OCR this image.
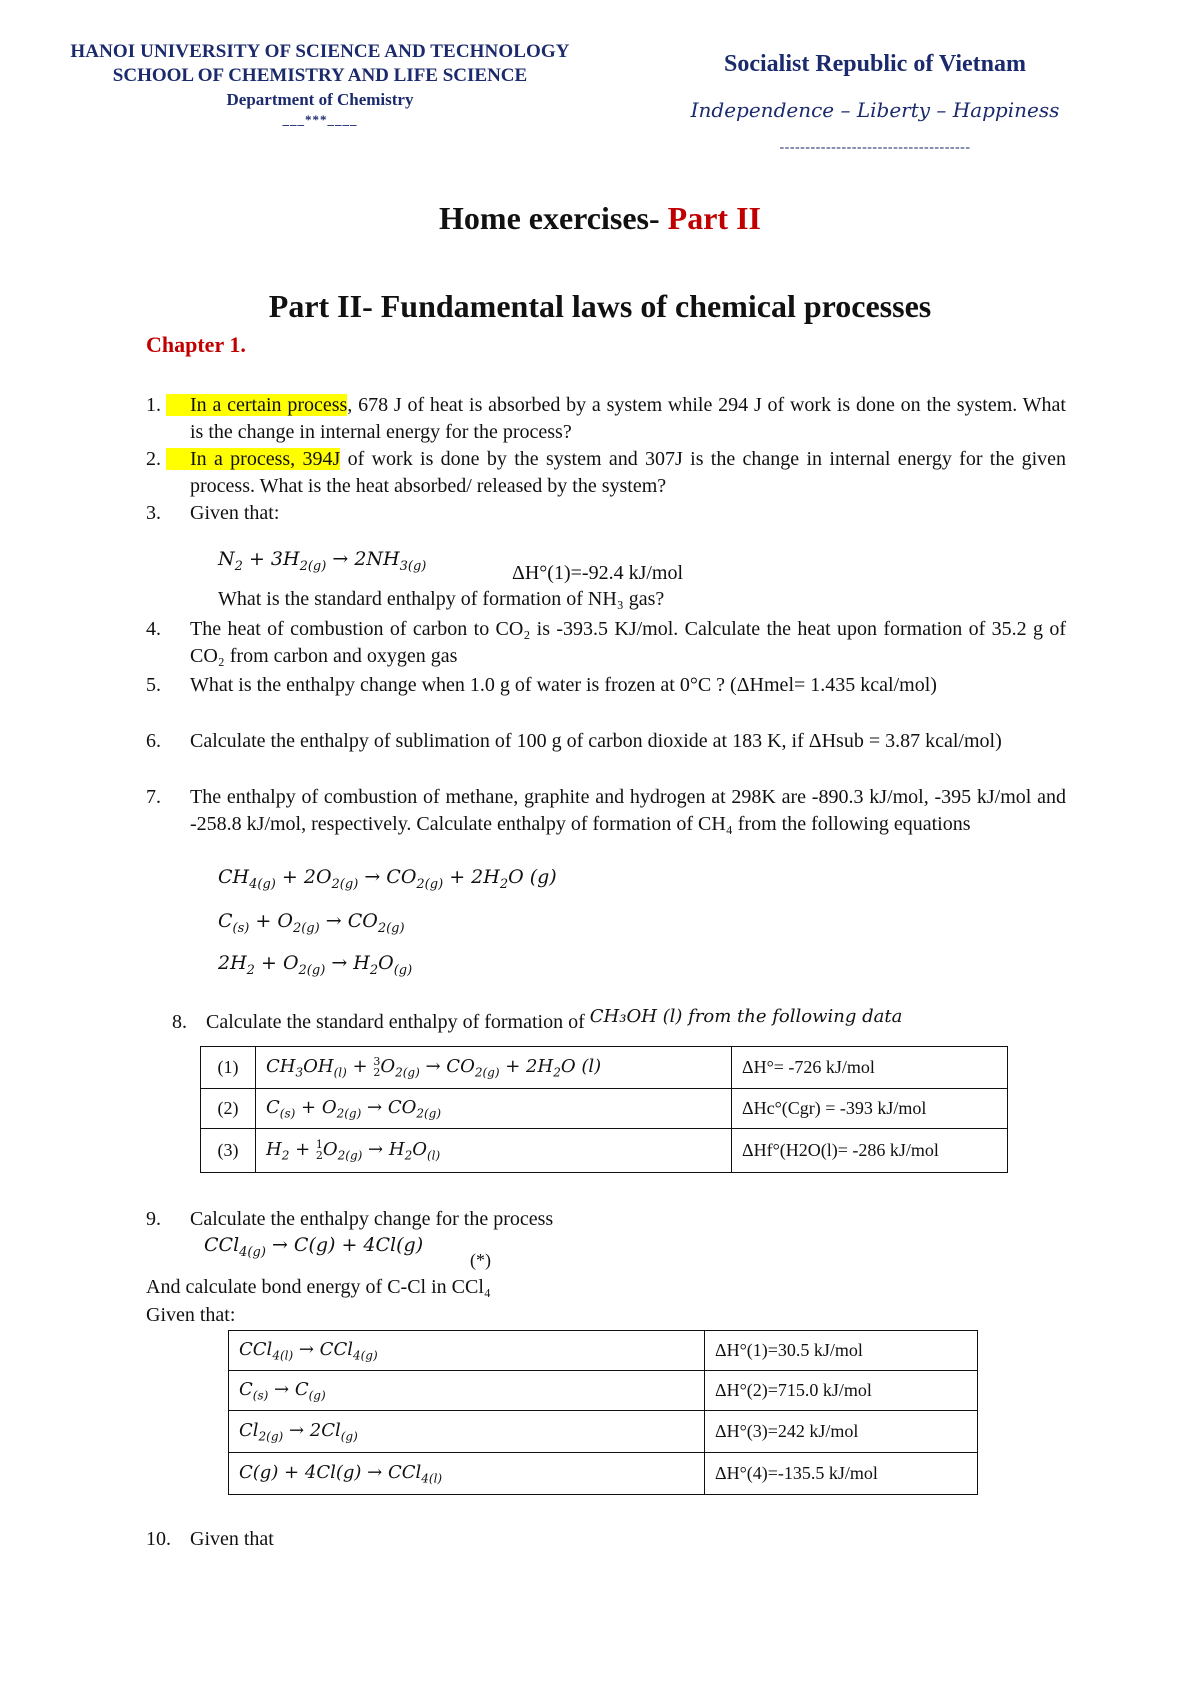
HANOI UNIVERSITY OF SCIENCE AND TECHNOLOGY
SCHOOL OF CHEMISTRY AND LIFE SCIENCE
Department of Chemistry
___***____
Socialist Republic of Vietnam
Independence – Liberty – Happiness
-------------------------------------
Home exercises- Part II
Part II- Fundamental laws of chemical processes
Chapter 1.
1.	In a certain process, 678 J of heat is absorbed by a system while 294 J of work is done on the system. What is the change in internal energy for the process?
2.	In a process, 394J of work is done by the system and 307J is the change in internal energy for the given process. What is the heat absorbed/ released by the system?
3.	Given that:
$N_2 + 3H_{2(g)} \to 2NH_{3(g)}$	ΔH°(1)=-92.4 kJ/mol
What is the standard enthalpy of formation of NH₃ gas?
4.	The heat of combustion of carbon to CO₂ is -393.5 KJ/mol. Calculate the heat upon formation of 35.2 g of CO₂ from carbon and oxygen gas
5.	What is the enthalpy change when 1.0 g of water is frozen at 0°C ? (ΔHmel= 1.435 kcal/mol)
6.	Calculate the enthalpy of sublimation of 100 g of carbon dioxide at 183 K, if ΔHsub = 3.87 kcal/mol)
7.	The enthalpy of combustion of methane, graphite and hydrogen at 298K are -890.3 kJ/mol, -395 kJ/mol and -258.8 kJ/mol, respectively. Calculate enthalpy of formation of CH₄ from the following equations
$CH_{4(g)} + 2O_{2(g)} \to CO_{2(g)} + 2H_2O$ (g)
$C_{(s)} + O_{2(g)} \to CO_{2(g)}$
$2H_2 + O_{2(g)} \to H_2O_{(g)}$
8. Calculate the standard enthalpy of formation of CH₃OH (l) from the following data
(1)	$CH_3OH_{(l)} + 3$
2 $O_{2(g)} \to CO_{2(g)} + 2H_2O$ (l)	ΔH°= -726 kJ/mol
(2)	$C_{(s)} + O_{2(g)} \to CO_{2(g)}$	ΔHc°(Cgr) = -393 kJ/mol
(3)	$H_2 + 1$
2 $O_{2(g)} \to H_2O_{(l)}$	ΔHf°(H2O(l)= -286 kJ/mol
9.	Calculate the enthalpy change for the process
CCl$_{4(g)}$ → C(g) + 4Cl(g)
(*)
And calculate bond energy of C-Cl in CCl₄
Given that:
CCl$_{4(l)}$ → CCl$_{4(g)}$	ΔH°(1)=30.5 kJ/mol
$C_{(s)} \to C_{(g)}$	ΔH°(2)=715.0 kJ/mol
$Cl_{2(g)} \to 2Cl_{(g)}$	ΔH°(3)=242 kJ/mol
C(g) + 4Cl(g) → CCl$_{4(l)}$	ΔH°(4)=-135.5 kJ/mol
10. Given that
